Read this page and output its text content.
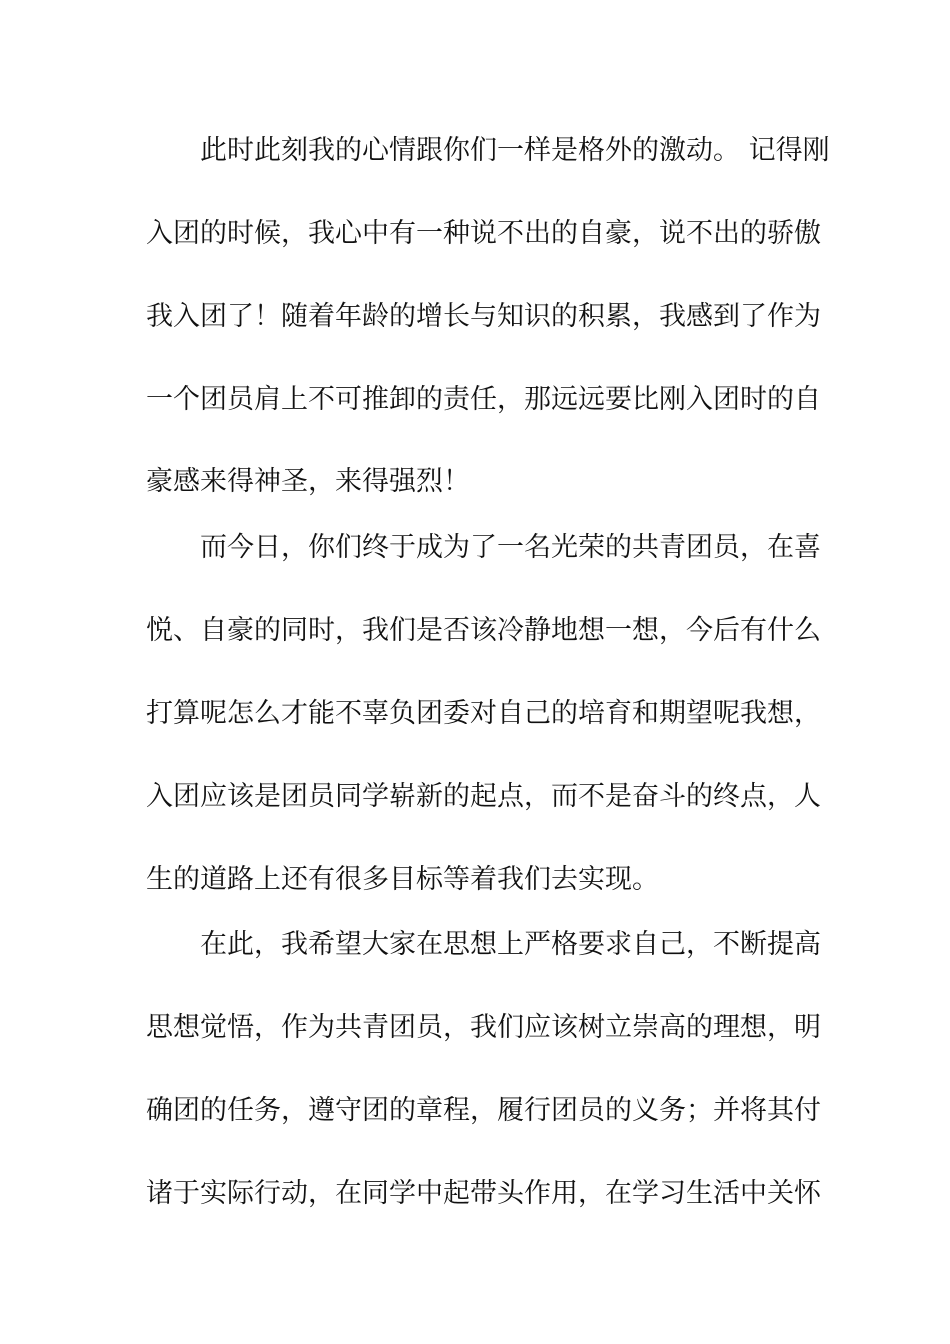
此时此刻我的心情跟你们一样是格外的激动。 记得刚

入团的时候，我心中有一种说不出的自豪，说不出的骄傲

我入团了！随着年龄的增长与知识的积累，我感到了作为

一个团员肩上不可推卸的责任，那远远要比刚入团时的自

豪感来得神圣，来得强烈！

而今日，你们终于成为了一名光荣的共青团员，在喜

悦、自豪的同时，我们是否该冷静地想一想，今后有什么

打算呢怎么才能不辜负团委对自己的培育和期望呢我想，

入团应该是团员同学崭新的起点，而不是奋斗的终点，人

生的道路上还有很多目标等着我们去实现。

在此，我希望大家在思想上严格要求自己，不断提高

思想觉悟，作为共青团员，我们应该树立崇高的理想，明

确团的任务，遵守团的章程，履行团员的义务；并将其付

诸于实际行动，在同学中起带头作用，在学习生活中关怀
